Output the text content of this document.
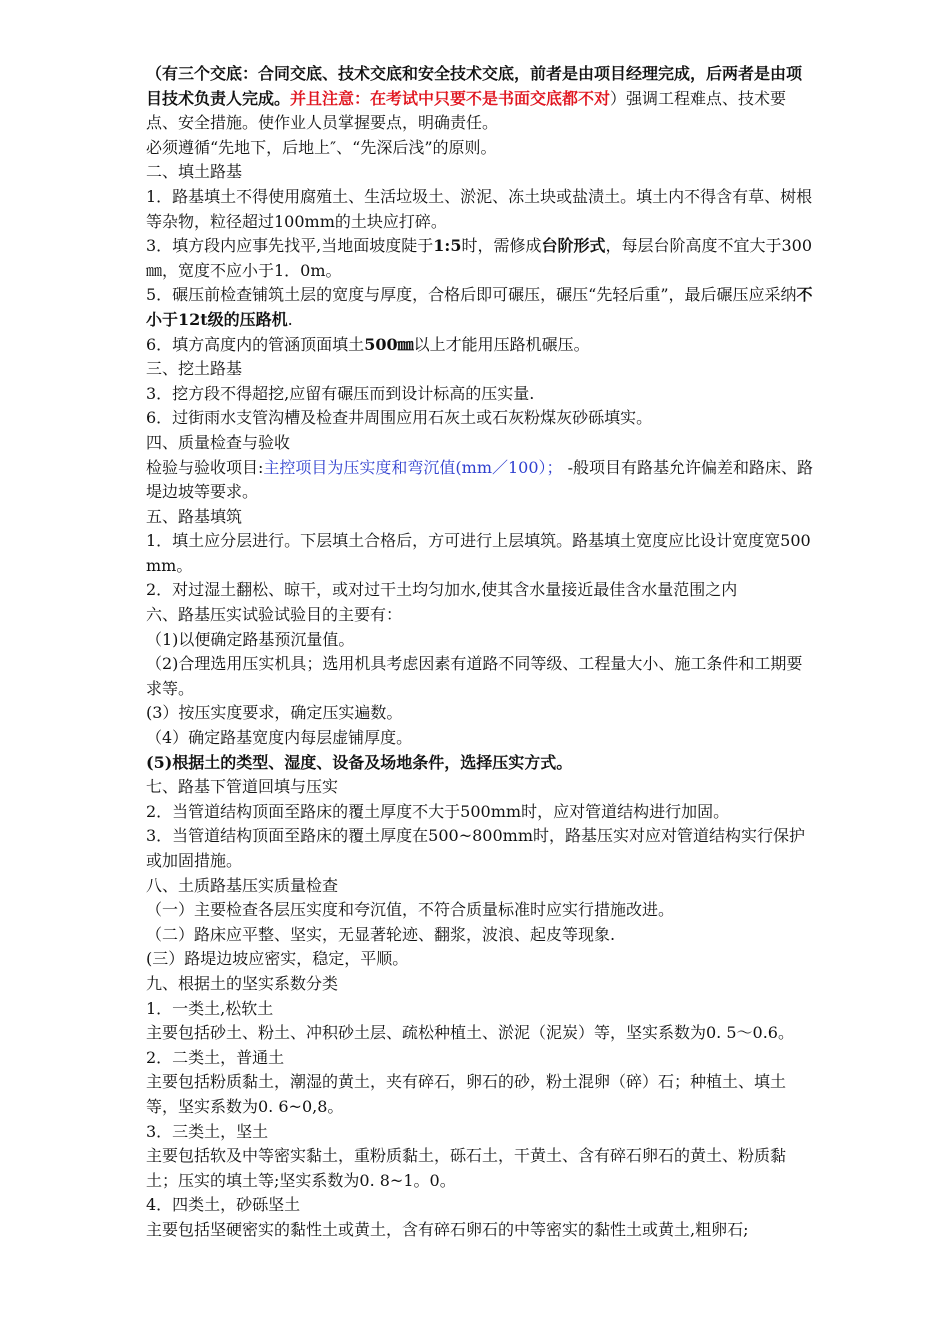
（有三个交底：合同交底、技术交底和安全技术交底，前者是由项目经理完成，后两者是由项目技术负责人完成。并且注意：在考试中只要不是书面交底都不对）强调工程难点、技术要点、安全措施。使作业人员掌握要点，明确责任。

必须遵循“先地下，后地上″、“先深后浅”的原则。

二、填土路基

1．路基填土不得使用腐殖土、生活垃圾土、淤泥、冻土块或盐渍土。填土内不得含有草、树根等杂物，粒径超过100mm的土块应打碎。

3．填方段内应事先找平,当地面坡度陡于1:5时，需修成台阶形式，每层台阶高度不宜大于300㎜，宽度不应小于1．0m。

5．碾压前检查铺筑土层的宽度与厚度，合格后即可碾压，碾压“先轻后重”，最后碾压应采纳不小于12t级的压路机.

6．填方高度内的管涵顶面填土500㎜以上才能用压路机碾压。

三、挖土路基

3．挖方段不得超挖,应留有碾压而到设计标高的压实量.

6．过街雨水支管沟槽及检查井周围应用石灰土或石灰粉煤灰砂砾填实。

四、质量检查与验收

检验与验收项目:主控项目为压实度和弯沉值(mm／100）； -般项目有路基允许偏差和路床、路堤边坡等要求。

五、路基填筑

1．填土应分层进行。下层填土合格后，方可进行上层填筑。路基填土宽度应比设计宽度宽500mm。

2．对过湿土翻松、晾干，或对过干土均匀加水,使其含水量接近最佳含水量范围之内

六、路基压实试验试验目的主要有：

（1)以便确定路基预沉量值。

（2)合理选用压实机具；选用机具考虑因素有道路不同等级、工程量大小、施工条件和工期要求等。

(3）按压实度要求，确定压实遍数。

（4）确定路基宽度内每层虚铺厚度。

(5)根据土的类型、湿度、设备及场地条件，选择压实方式。

七、路基下管道回填与压实

2．当管道结构顶面至路床的覆土厚度不大于500mm时，应对管道结构进行加固。

3．当管道结构顶面至路床的覆土厚度在500~800mm时，路基压实对应对管道结构实行保护或加固措施。

八、土质路基压实质量检查

（一）主要检查各层压实度和夸沉值，不符合质量标准时应实行措施改进。

（二）路床应平整、坚实，无显著轮迹、翻浆，波浪、起皮等现象.

(三）路堤边坡应密实，稳定，平顺。

九、根据土的坚实系数分类

1．一类土,松软土

主要包括砂土、粉土、冲积砂土层、疏松种植土、淤泥（泥炭）等，坚实系数为0. 5～0.6。

2．二类土，普通土

主要包括粉质黏土，潮湿的黄土，夹有碎石，卵石的砂，粉土混卵（碎）石；种植土、填土等，坚实系数为0. 6~0,8。

3．三类土，坚土

主要包括软及中等密实黏土，重粉质黏土，砾石土，干黄土、含有碎石卵石的黄土、粉质黏土；压实的填土等;坚实系数为0. 8~1。0。

4．四类土，砂砾坚土

主要包括坚硬密实的黏性土或黄土，含有碎石卵石的中等密实的黏性土或黄土,粗卵石;
